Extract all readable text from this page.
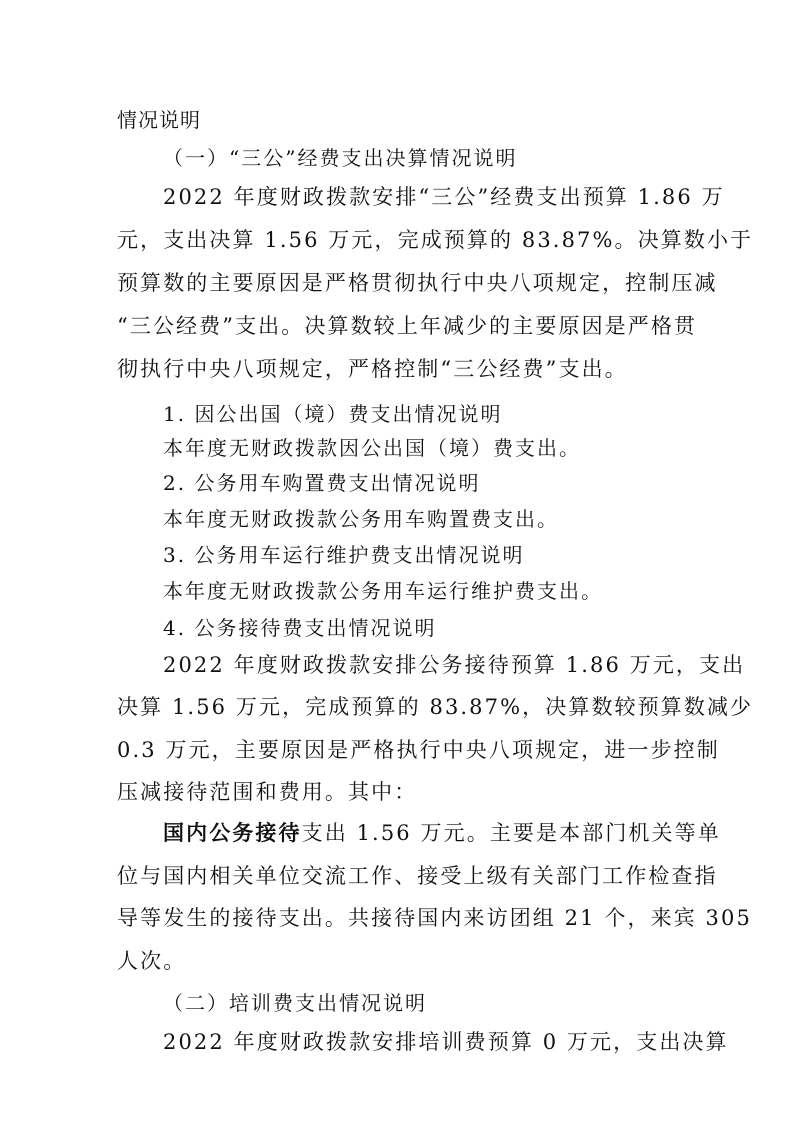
情况说明
（一）“三公”经费支出决算情况说明
2022 年度财政拨款安排“三公”经费支出预算 1.86 万
元，支出决算 1.56 万元，完成预算的 83.87%。决算数小于
预算数的主要原因是严格贯彻执行中央八项规定，控制压减
“三公经费”支出。决算数较上年减少的主要原因是严格贯
彻执行中央八项规定，严格控制“三公经费”支出。
1. 因公出国（境）费支出情况说明
本年度无财政拨款因公出国（境）费支出。
2. 公务用车购置费支出情况说明
本年度无财政拨款公务用车购置费支出。
3. 公务用车运行维护费支出情况说明
本年度无财政拨款公务用车运行维护费支出。
4. 公务接待费支出情况说明
2022 年度财政拨款安排公务接待预算 1.86 万元，支出
决算 1.56 万元，完成预算的 83.87%，决算数较预算数减少
0.3 万元，主要原因是严格执行中央八项规定，进一步控制
压减接待范围和费用。其中：
国内公务接待支出 1.56 万元。主要是本部门机关等单
位与国内相关单位交流工作、接受上级有关部门工作检查指
导等发生的接待支出。共接待国内来访团组 21 个，来宾 305
人次。
（二）培训费支出情况说明
2022 年度财政拨款安排培训费预算 0 万元，支出决算
